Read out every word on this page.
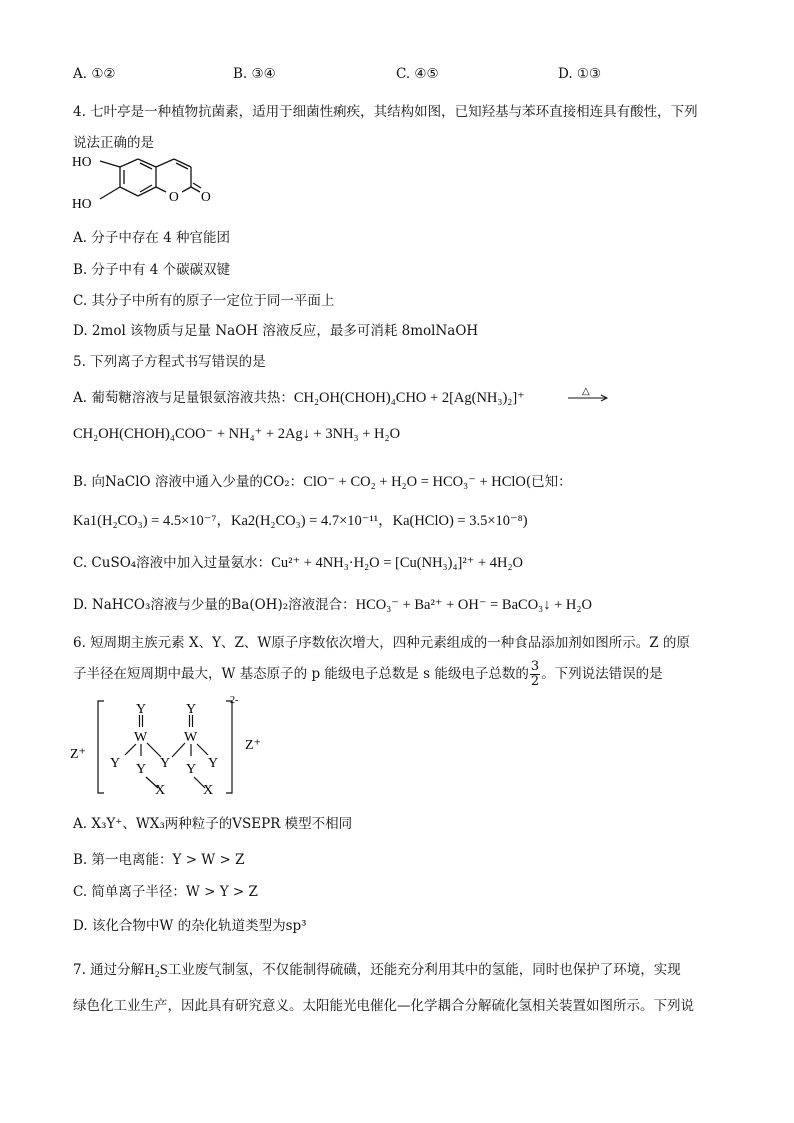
A. ①②	B. ③④	C. ④⑤	D. ①③
4. 七叶亭是一种植物抗菌素，适用于细菌性痢疾，其结构如图，已知羟基与苯环直接相连具有酸性，下列
说法正确的是
HO
HO	O O
A. 分子中存在 4 种官能团
B. 分子中有 4 个碳碳双键
C. 其分子中所有的原子一定位于同一平面上
D. 2mol 该物质与足量 NaOH 溶液反应，最多可消耗 8molNaOH
5. 下列离子方程式书写错误的是
A. 葡萄糖溶液与足量银氨溶液共热：CH₂OH(CHOH)₄CHO + 2[Ag(NH₃)₂]⁺	△
CH₂OH(CHOH)₄COO⁻ + NH₄⁺ + 2Ag↓ + 3NH₃ + H₂O
B. 向NaClO 溶液中通入少量的CO₂：ClO⁻ + CO₂ + H₂O = HCO₃⁻ + HClO(已知：
Ka1(H₂CO₃) = 4.5×10⁻⁷，Ka2(H₂CO₃) = 4.7×10⁻¹¹，Ka(HClO) = 3.5×10⁻⁸)
C. CuSO₄溶液中加入过量氨水：Cu²⁺ + 4NH₃·H₂O = [Cu(NH₃)₄]²⁺ + 4H₂O
D. NaHCO₃溶液与少量的Ba(OH)₂溶液混合：HCO₃⁻ + Ba²⁺ + OH⁻ = BaCO₃↓ + H₂O
6. 短周期主族元素 X、Y、Z、W原子序数依次增大，四种元素组成的一种食品添加剂如图所示。Z 的原
子半径在短周期中最大，W 基态原子的 p 能级电子总数是 s 能级电子总数的 $\frac{3}{2}$ 。下列说法错误的是
Z⁺
Z⁺
2-
Y	Y
W	W
Y	Y	Y
Y	Y
X	X
A. X₃Y⁺、WX₃两种粒子的VSEPR 模型不相同
B. 第一电离能：Y > W > Z
C. 简单离子半径：W > Y > Z
D. 该化合物中W 的杂化轨道类型为sp³
7. 通过分解H₂S工业废气制氢，不仅能制得硫磺，还能充分利用其中的氢能，同时也保护了环境，实现
绿色化工业生产，因此具有研究意义。太阳能光电催化—化学耦合分解硫化氢相关装置如图所示。下列说
